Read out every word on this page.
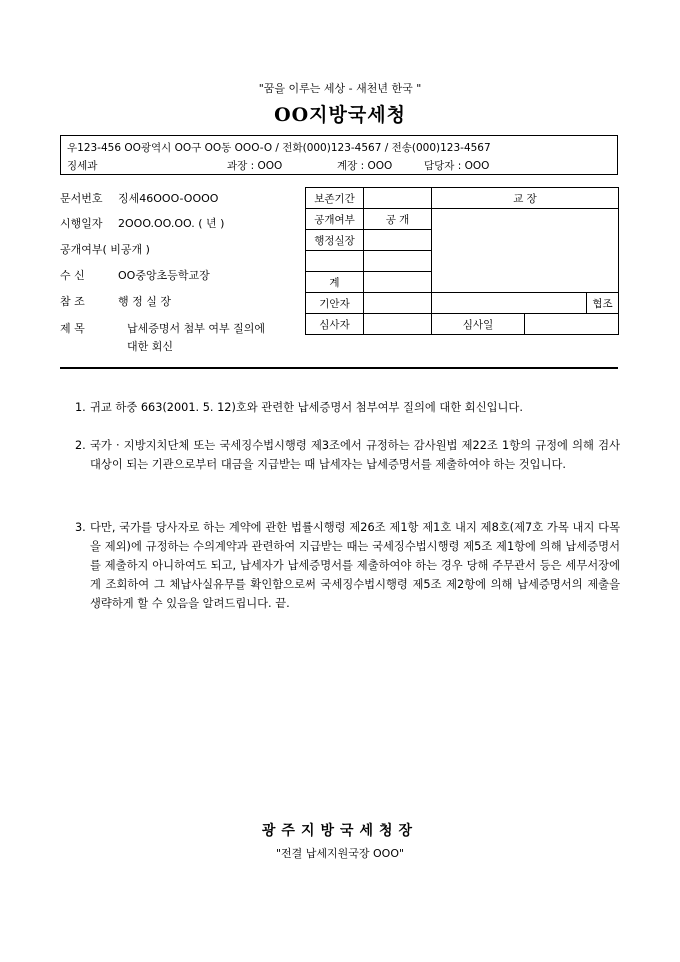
"꿈을 이루는 세상 - 새천년 한국 "
OO지방국세청
우123-456 OO광역시 OO구 OO동 OOO-O / 전화(000)123-4567 / 전송(000)123-4567
징세과	과장 : OOO	계장 : OOO	담당자 : OOO
문서번호 징세46OOO-OOOO
시행일자 2OOO.OO.OO. ( 년 )
공개여부( 비공개 )
수 신	OO중앙초등학교장
참 조	행 정 실 장
제 목	납세증명서 첨부 여부 질의에
대한 회신
보존기간		교 장		
공개여부	공 개			
행정실장				

계				
기안자				협조
심사자		심사일		
1. 귀교 하중 663(2001. 5. 12)호와 관련한 납세증명서 첨부여부 질의에 대한 회신입니다.
2. 국가 · 지방지치단체 또는 국세징수법시행령 제3조에서 규정하는 감사원법 제22조 1항의 규정에 의해 검사대상이 되는 기관으로부터 대금을 지급받는 때 납세자는 납세증명서를 제출하여야 하는 것입니다.
3. 다만, 국가를 당사자로 하는 계약에 관한 법률시행령 제26조 제1항 제1호 내지 제8호(제7호 가목 내지 다목을 제외)에 규정하는 수의계약과 관련하여 지급받는 때는 국세징수법시행령 제5조 제1항에 의해 납세증명서를 제출하지 아니하여도 되고, 납세자가 납세증명서를 제출하여야 하는 경우 당해 주무관서 등은 세무서장에게 조회하여 그 체납사실유무를 확인함으로써 국세징수법시행령 제5조 제2항에 의해 납세증명서의 제출을 생략하게 할 수 있음을 알려드립니다. 끝.
광주지방국세청장
"전결 납세지원국장 OOO"
